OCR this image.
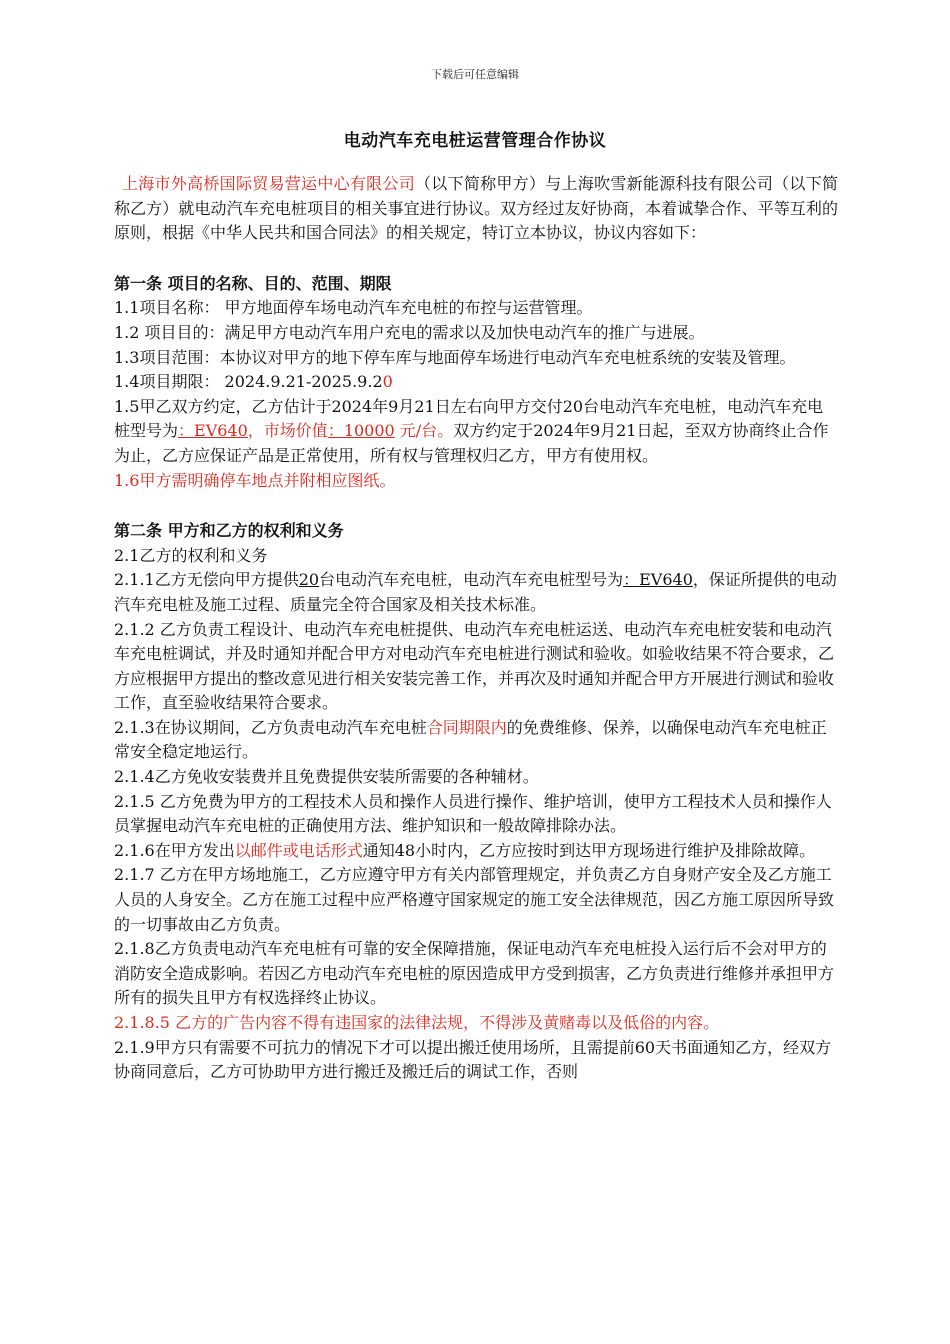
下载后可任意编辑
电动汽车充电桩运营管理合作协议

上海市外高桥国际贸易营运中心有限公司（以下简称甲方）与上海吹雪新能源科技有限公司（以下简称乙方）就电动汽车充电桩项目的相关事宜进行协议。双方经过友好协商，本着诚挚合作、平等互利的原则，根据《中华人民共和国合同法》的相关规定，特订立本协议，协议内容如下：

第一条 项目的名称、目的、范围、期限

1.1项目名称： 甲方地面停车场电动汽车充电桩的布控与运营管理。

1.2 项目目的：满足甲方电动汽车用户充电的需求以及加快电动汽车的推广与进展。

1.3项目范围：本协议对甲方的地下停车库与地面停车场进行电动汽车充电桩系统的安装及管理。

1.4项目期限： 2024.9.21-2025.9.20

1.5甲乙双方约定，乙方估计于2024年9月21日左右向甲方交付20台电动汽车充电桩，电动汽车充电桩型号为：EV640，市场价值：10000 元/台。双方约定于2024年9月21日起，至双方协商终止合作为止，乙方应保证产品是正常使用，所有权与管理权归乙方，甲方有使用权。

1.6甲方需明确停车地点并附相应图纸。

第二条 甲方和乙方的权利和义务

2.1乙方的权利和义务

2.1.1乙方无偿向甲方提供20台电动汽车充电桩，电动汽车充电桩型号为：EV640，保证所提供的电动汽车充电桩及施工过程、质量完全符合国家及相关技术标准。

2.1.2 乙方负责工程设计、电动汽车充电桩提供、电动汽车充电桩运送、电动汽车充电桩安装和电动汽车充电桩调试，并及时通知并配合甲方对电动汽车充电桩进行测试和验收。如验收结果不符合要求，乙方应根据甲方提出的整改意见进行相关安装完善工作，并再次及时通知并配合甲方开展进行测试和验收工作，直至验收结果符合要求。

2.1.3在协议期间，乙方负责电动汽车充电桩合同期限内的免费维修、保养，以确保电动汽车充电桩正常安全稳定地运行。

2.1.4乙方免收安装费并且免费提供安装所需要的各种辅材。

2.1.5 乙方免费为甲方的工程技术人员和操作人员进行操作、维护培训，使甲方工程技术人员和操作人员掌握电动汽车充电桩的正确使用方法、维护知识和一般故障排除办法。

2.1.6在甲方发出以邮件或电话形式通知48小时内，乙方应按时到达甲方现场进行维护及排除故障。

2.1.7 乙方在甲方场地施工，乙方应遵守甲方有关内部管理规定，并负责乙方自身财产安全及乙方施工人员的人身安全。乙方在施工过程中应严格遵守国家规定的施工安全法律规范，因乙方施工原因所导致的一切事故由乙方负责。

2.1.8乙方负责电动汽车充电桩有可靠的安全保障措施，保证电动汽车充电桩投入运行后不会对甲方的消防安全造成影响。若因乙方电动汽车充电桩的原因造成甲方受到损害，乙方负责进行维修并承担甲方所有的损失且甲方有权选择终止协议。

2.1.8.5 乙方的广告内容不得有违国家的法律法规，不得涉及黄赌毒以及低俗的内容。

2.1.9甲方只有需要不可抗力的情况下才可以提出搬迁使用场所，且需提前60天书面通知乙方，经双方协商同意后，乙方可协助甲方进行搬迁及搬迁后的调试工作，否则
